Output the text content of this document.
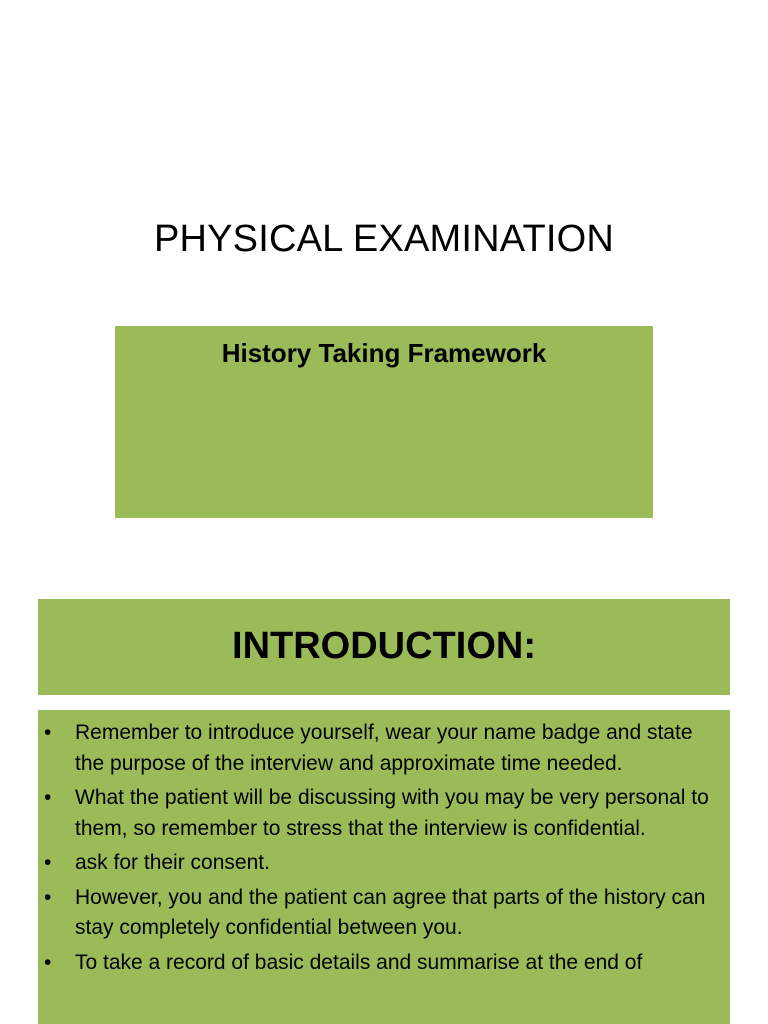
PHYSICAL EXAMINATION
History Taking Framework
INTRODUCTION:
• Remember to introduce yourself, wear your name badge and state the purpose of the interview and approximate time needed.
• What the patient will be discussing with you may be very personal to them, so remember to stress that the interview is confidential.
• ask for their consent.
• However, you and the patient can agree that parts of the history can stay completely confidential between you.
• To take a record of basic details and summarise at the end of
